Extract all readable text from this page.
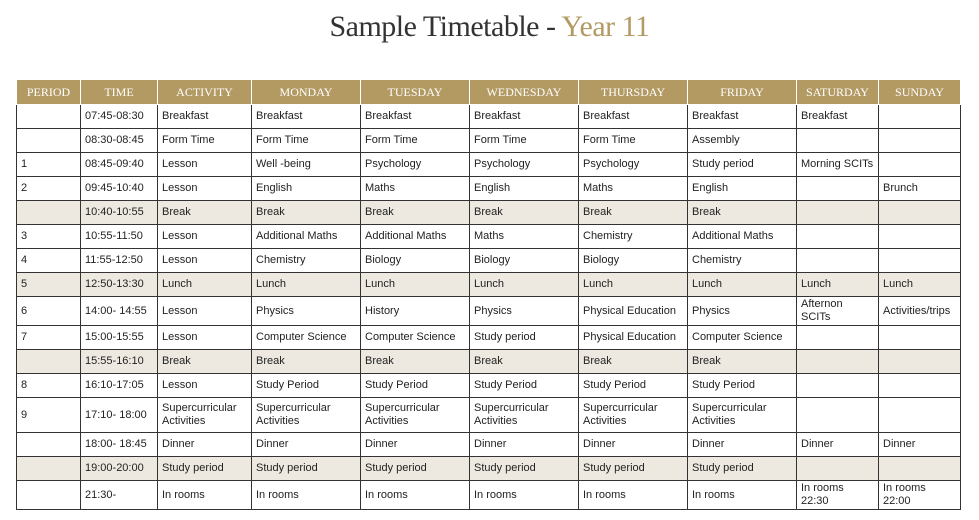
Sample Timetable - Year 11
PERIOD	TIME	ACTIVITY	MONDAY	TUESDAY	WEDNESDAY	THURSDAY	FRIDAY	SATURDAY	SUNDAY
	07:45-08:30	Breakfast	Breakfast	Breakfast	Breakfast	Breakfast	Breakfast	Breakfast	
	08:30-08:45	Form Time	Form Time	Form Time	Form Time	Form Time	Assembly		
1	08:45-09:40	Lesson	Well -being	Psychology	Psychology	Psychology	Study period	Morning SCITs	
2	09:45-10:40	Lesson	English	Maths	English	Maths	English		Brunch
	10:40-10:55	Break	Break	Break	Break	Break	Break		
3	10:55-11:50	Lesson	Additional Maths	Additional Maths	Maths	Chemistry	Additional Maths		
4	11:55-12:50	Lesson	Chemistry	Biology	Biology	Biology	Chemistry		
5	12:50-13:30	Lunch	Lunch	Lunch	Lunch	Lunch	Lunch	Lunch	Lunch
6	14:00- 14:55	Lesson	Physics	History	Physics	Physical Education	Physics	Afternon SCITs	Activities/trips
7	15:00-15:55	Lesson	Computer Science	Computer Science	Study period	Physical Education	Computer Science		
	15:55-16:10	Break	Break	Break	Break	Break	Break		
8	16:10-17:05	Lesson	Study Period	Study Period	Study Period	Study Period	Study Period		
9	17:10- 18:00	Supercurricular
Activities	Supercurricular
Activities	Supercurricular
Activities	Supercurricular
Activities	Supercurricular
Activities	Supercurricular
Activities		
	18:00- 18:45	Dinner	Dinner	Dinner	Dinner	Dinner	Dinner	Dinner	Dinner
	19:00-20:00	Study period	Study period	Study period	Study period	Study period	Study period		
	21:30-	In rooms	In rooms	In rooms	In rooms	In rooms	In rooms	In rooms 22:30	In rooms 22:00
